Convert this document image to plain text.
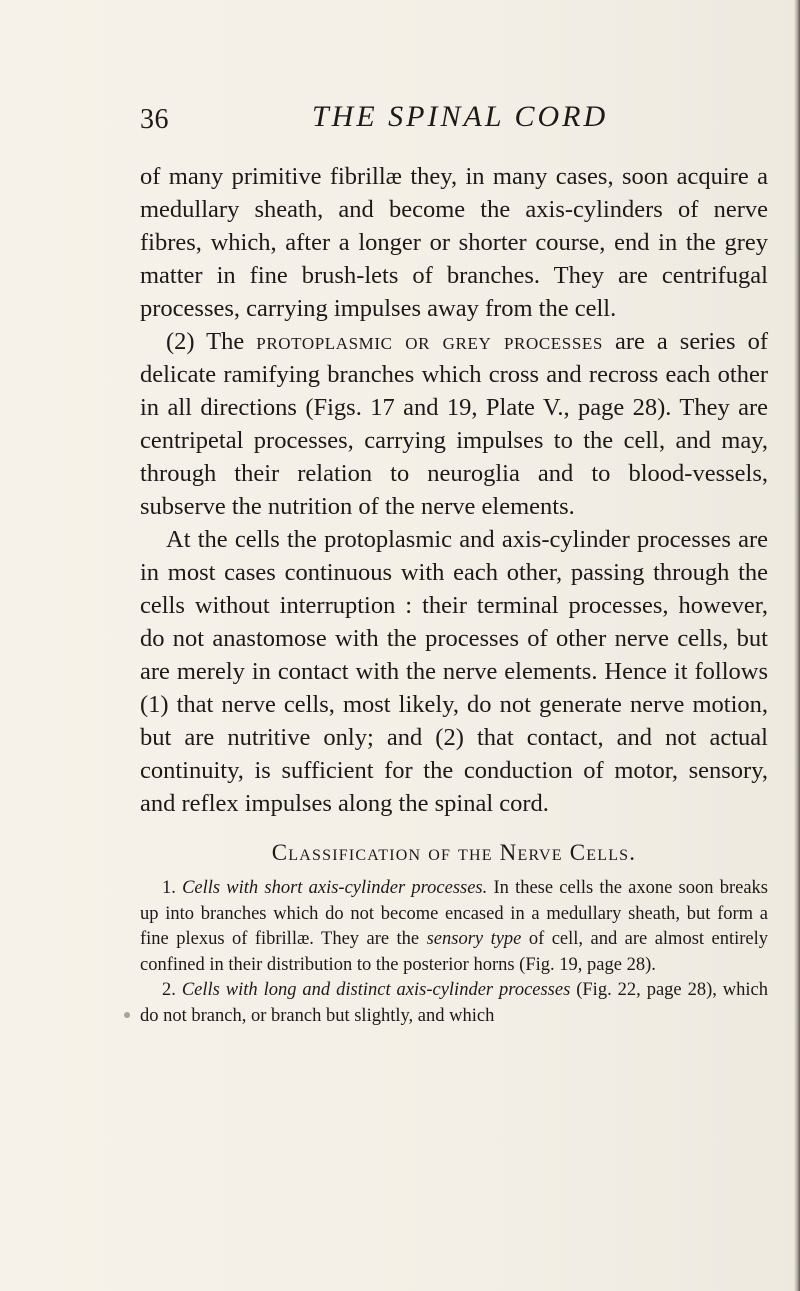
36	THE SPINAL CORD

of many primitive fibrillæ they, in many cases, soon acquire a medullary sheath, and become the axis-cylinders of nerve fibres, which, after a longer or shorter course, end in the grey matter in fine brush-lets of branches. They are centrifugal processes, carrying impulses away from the cell.

(2) The protoplasmic or grey processes are a series of delicate ramifying branches which cross and recross each other in all directions (Figs. 17 and 19, Plate V., page 28). They are centripetal processes, carrying impulses to the cell, and may, through their relation to neuroglia and to blood-vessels, subserve the nutrition of the nerve elements.

At the cells the protoplasmic and axis-cylinder processes are in most cases continuous with each other, passing through the cells without interruption : their terminal processes, however, do not anastomose with the processes of other nerve cells, but are merely in contact with the nerve elements. Hence it follows (1) that nerve cells, most likely, do not generate nerve motion, but are nutritive only; and (2) that contact, and not actual continuity, is sufficient for the conduction of motor, sensory, and reflex impulses along the spinal cord.

Classification of the Nerve Cells.

1. Cells with short axis-cylinder processes. In these cells the axone soon breaks up into branches which do not become encased in a medullary sheath, but form a fine plexus of fibrillæ. They are the sensory type of cell, and are almost entirely confined in their distribution to the posterior horns (Fig. 19, page 28).

2. Cells with long and distinct axis-cylinder processes (Fig. 22, page 28), which do not branch, or branch but slightly, and which
